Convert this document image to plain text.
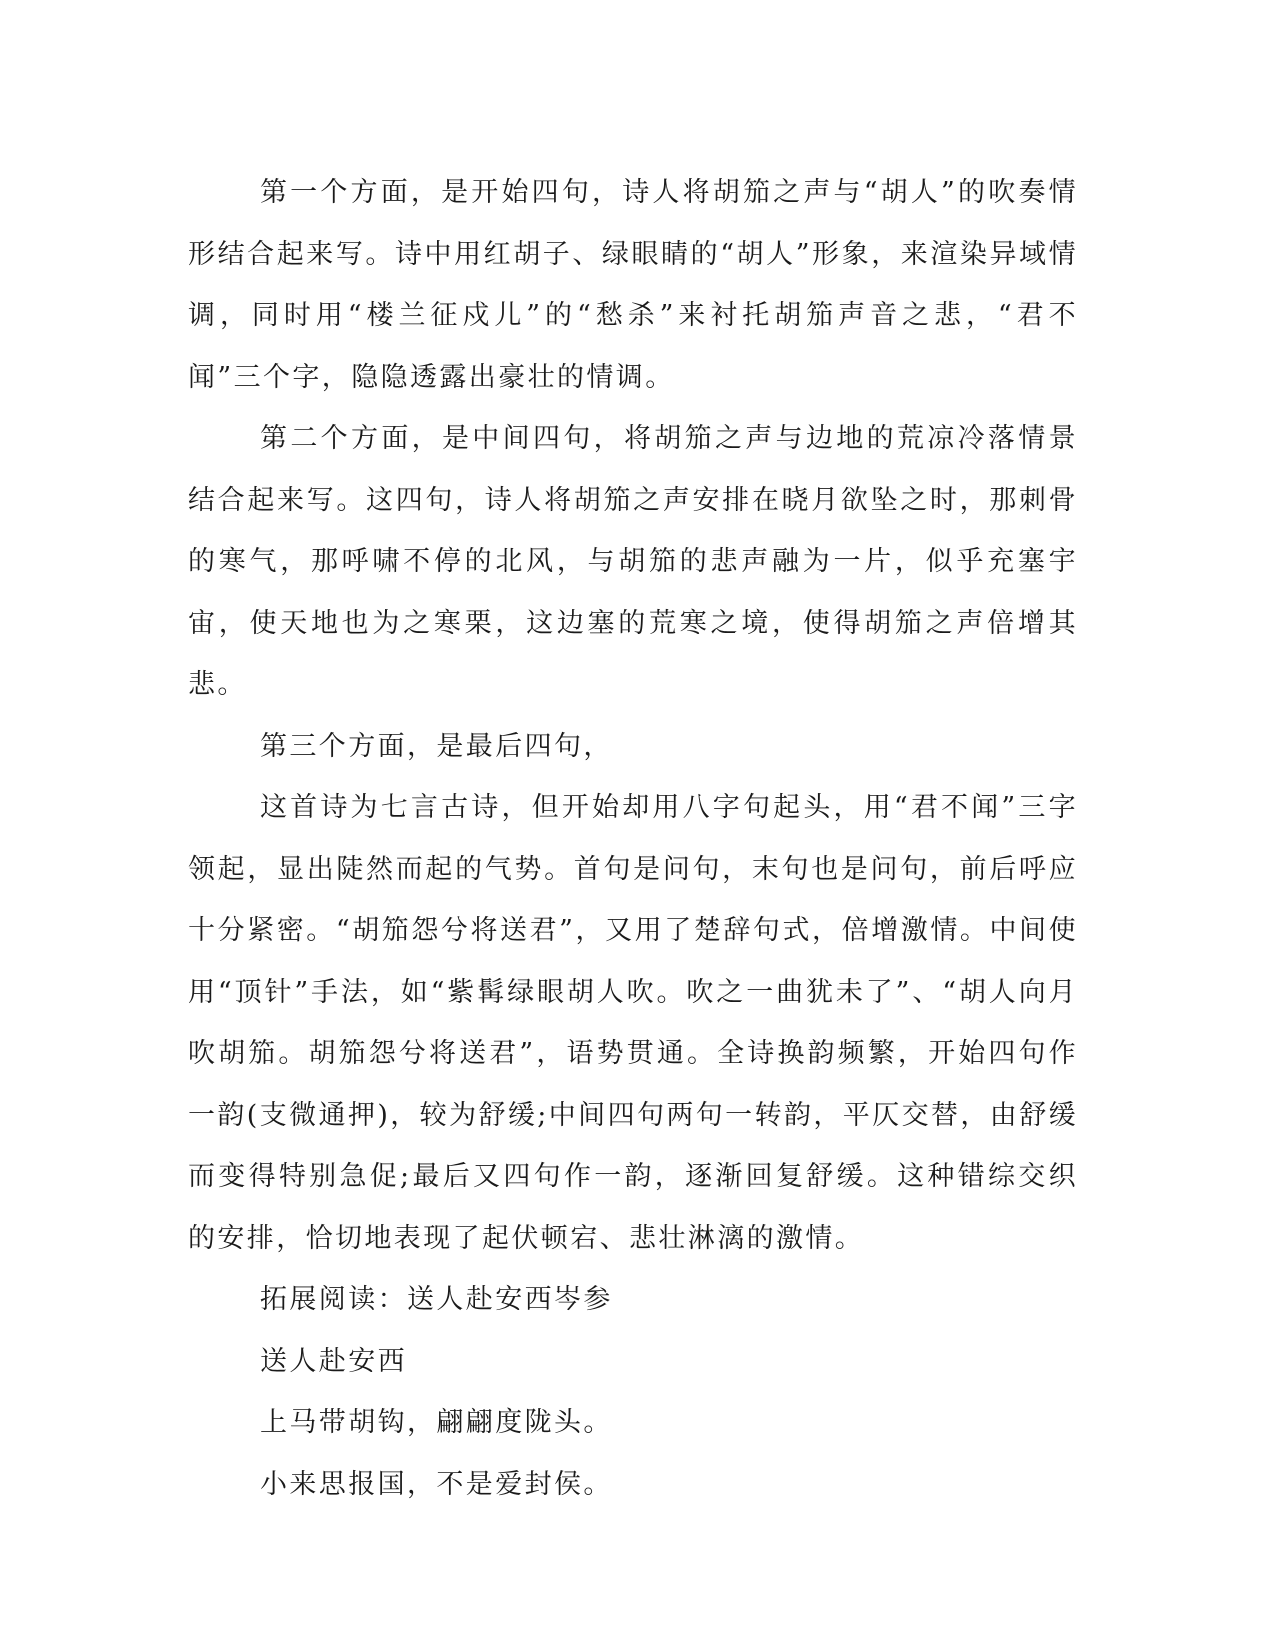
第一个方面，是开始四句，诗人将胡笳之声与“胡人”的吹奏情形结合起来写。诗中用红胡子、绿眼睛的“胡人”形象，来渲染异域情调，同时用“楼兰征戍儿”的“愁杀”来衬托胡笳声音之悲，“君不闻”三个字，隐隐透露出豪壮的情调。

第二个方面，是中间四句，将胡笳之声与边地的荒凉冷落情景结合起来写。这四句，诗人将胡笳之声安排在晓月欲坠之时，那刺骨的寒气，那呼啸不停的北风，与胡笳的悲声融为一片，似乎充塞宇宙，使天地也为之寒栗，这边塞的荒寒之境，使得胡笳之声倍增其悲。

第三个方面，是最后四句，

这首诗为七言古诗，但开始却用八字句起头，用“君不闻”三字领起，显出陡然而起的气势。首句是问句，末句也是问句，前后呼应十分紧密。“胡笳怨兮将送君”，又用了楚辞句式，倍增激情。中间使用“顶针”手法，如“紫髯绿眼胡人吹。吹之一曲犹未了”、“胡人向月吹胡笳。胡笳怨兮将送君”，语势贯通。全诗换韵频繁，开始四句作一韵(支微通押)，较为舒缓;中间四句两句一转韵，平仄交替，由舒缓而变得特别急促;最后又四句作一韵，逐渐回复舒缓。这种错综交织的安排，恰切地表现了起伏顿宕、悲壮淋漓的激情。

拓展阅读：送人赴安西岑参

送人赴安西

上马带胡钩，翩翩度陇头。

小来思报国，不是爱封侯。
